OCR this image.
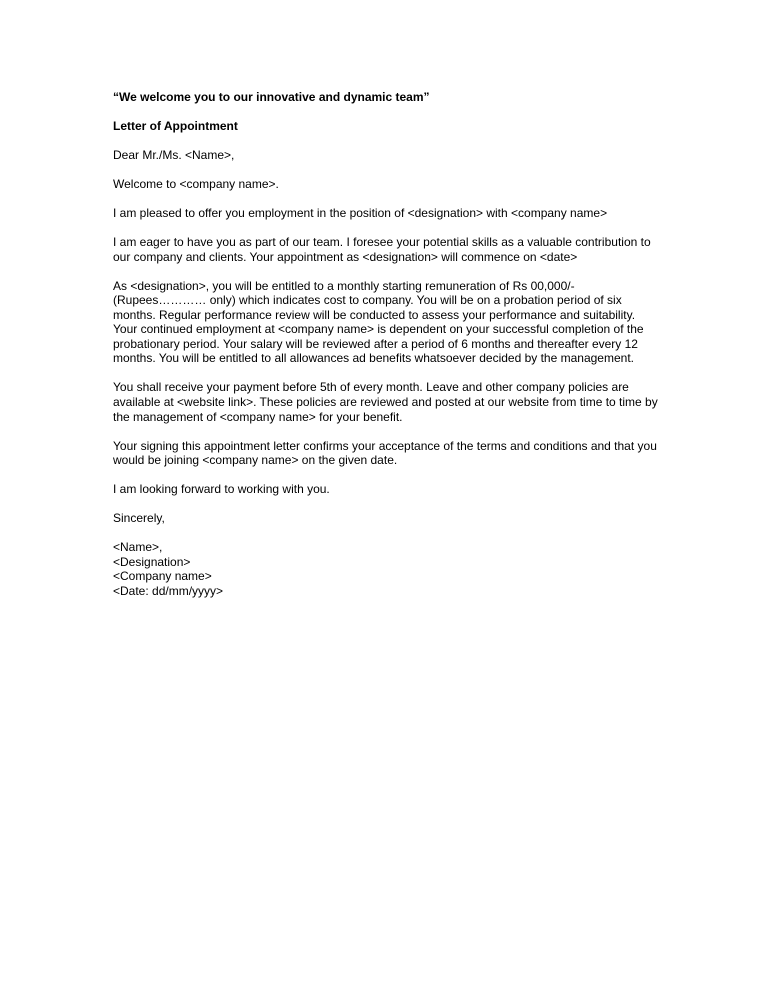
“We welcome you to our innovative and dynamic team”

Letter of Appointment

Dear Mr./Ms. <Name>,

Welcome to <company name>.

I am pleased to offer you employment in the position of <designation> with <company name>

I am eager to have you as part of our team. I foresee your potential skills as a valuable contribution to our company and clients. Your appointment as <designation> will commence on <date>

As <designation>, you will be entitled to a monthly starting remuneration of Rs 00,000/- (Rupees………… only) which indicates cost to company. You will be on a probation period of six months. Regular performance review will be conducted to assess your performance and suitability. Your continued employment at <company name> is dependent on your successful completion of the probationary period. Your salary will be reviewed after a period of 6 months and thereafter every 12 months. You will be entitled to all allowances ad benefits whatsoever decided by the management.

You shall receive your payment before 5th of every month. Leave and other company policies are available at <website link>. These policies are reviewed and posted at our website from time to time by the management of <company name> for your benefit.

Your signing this appointment letter confirms your acceptance of the terms and conditions and that you would be joining <company name> on the given date.

I am looking forward to working with you.

Sincerely,

<Name>,
<Designation>
<Company name>
<Date: dd/mm/yyyy>
